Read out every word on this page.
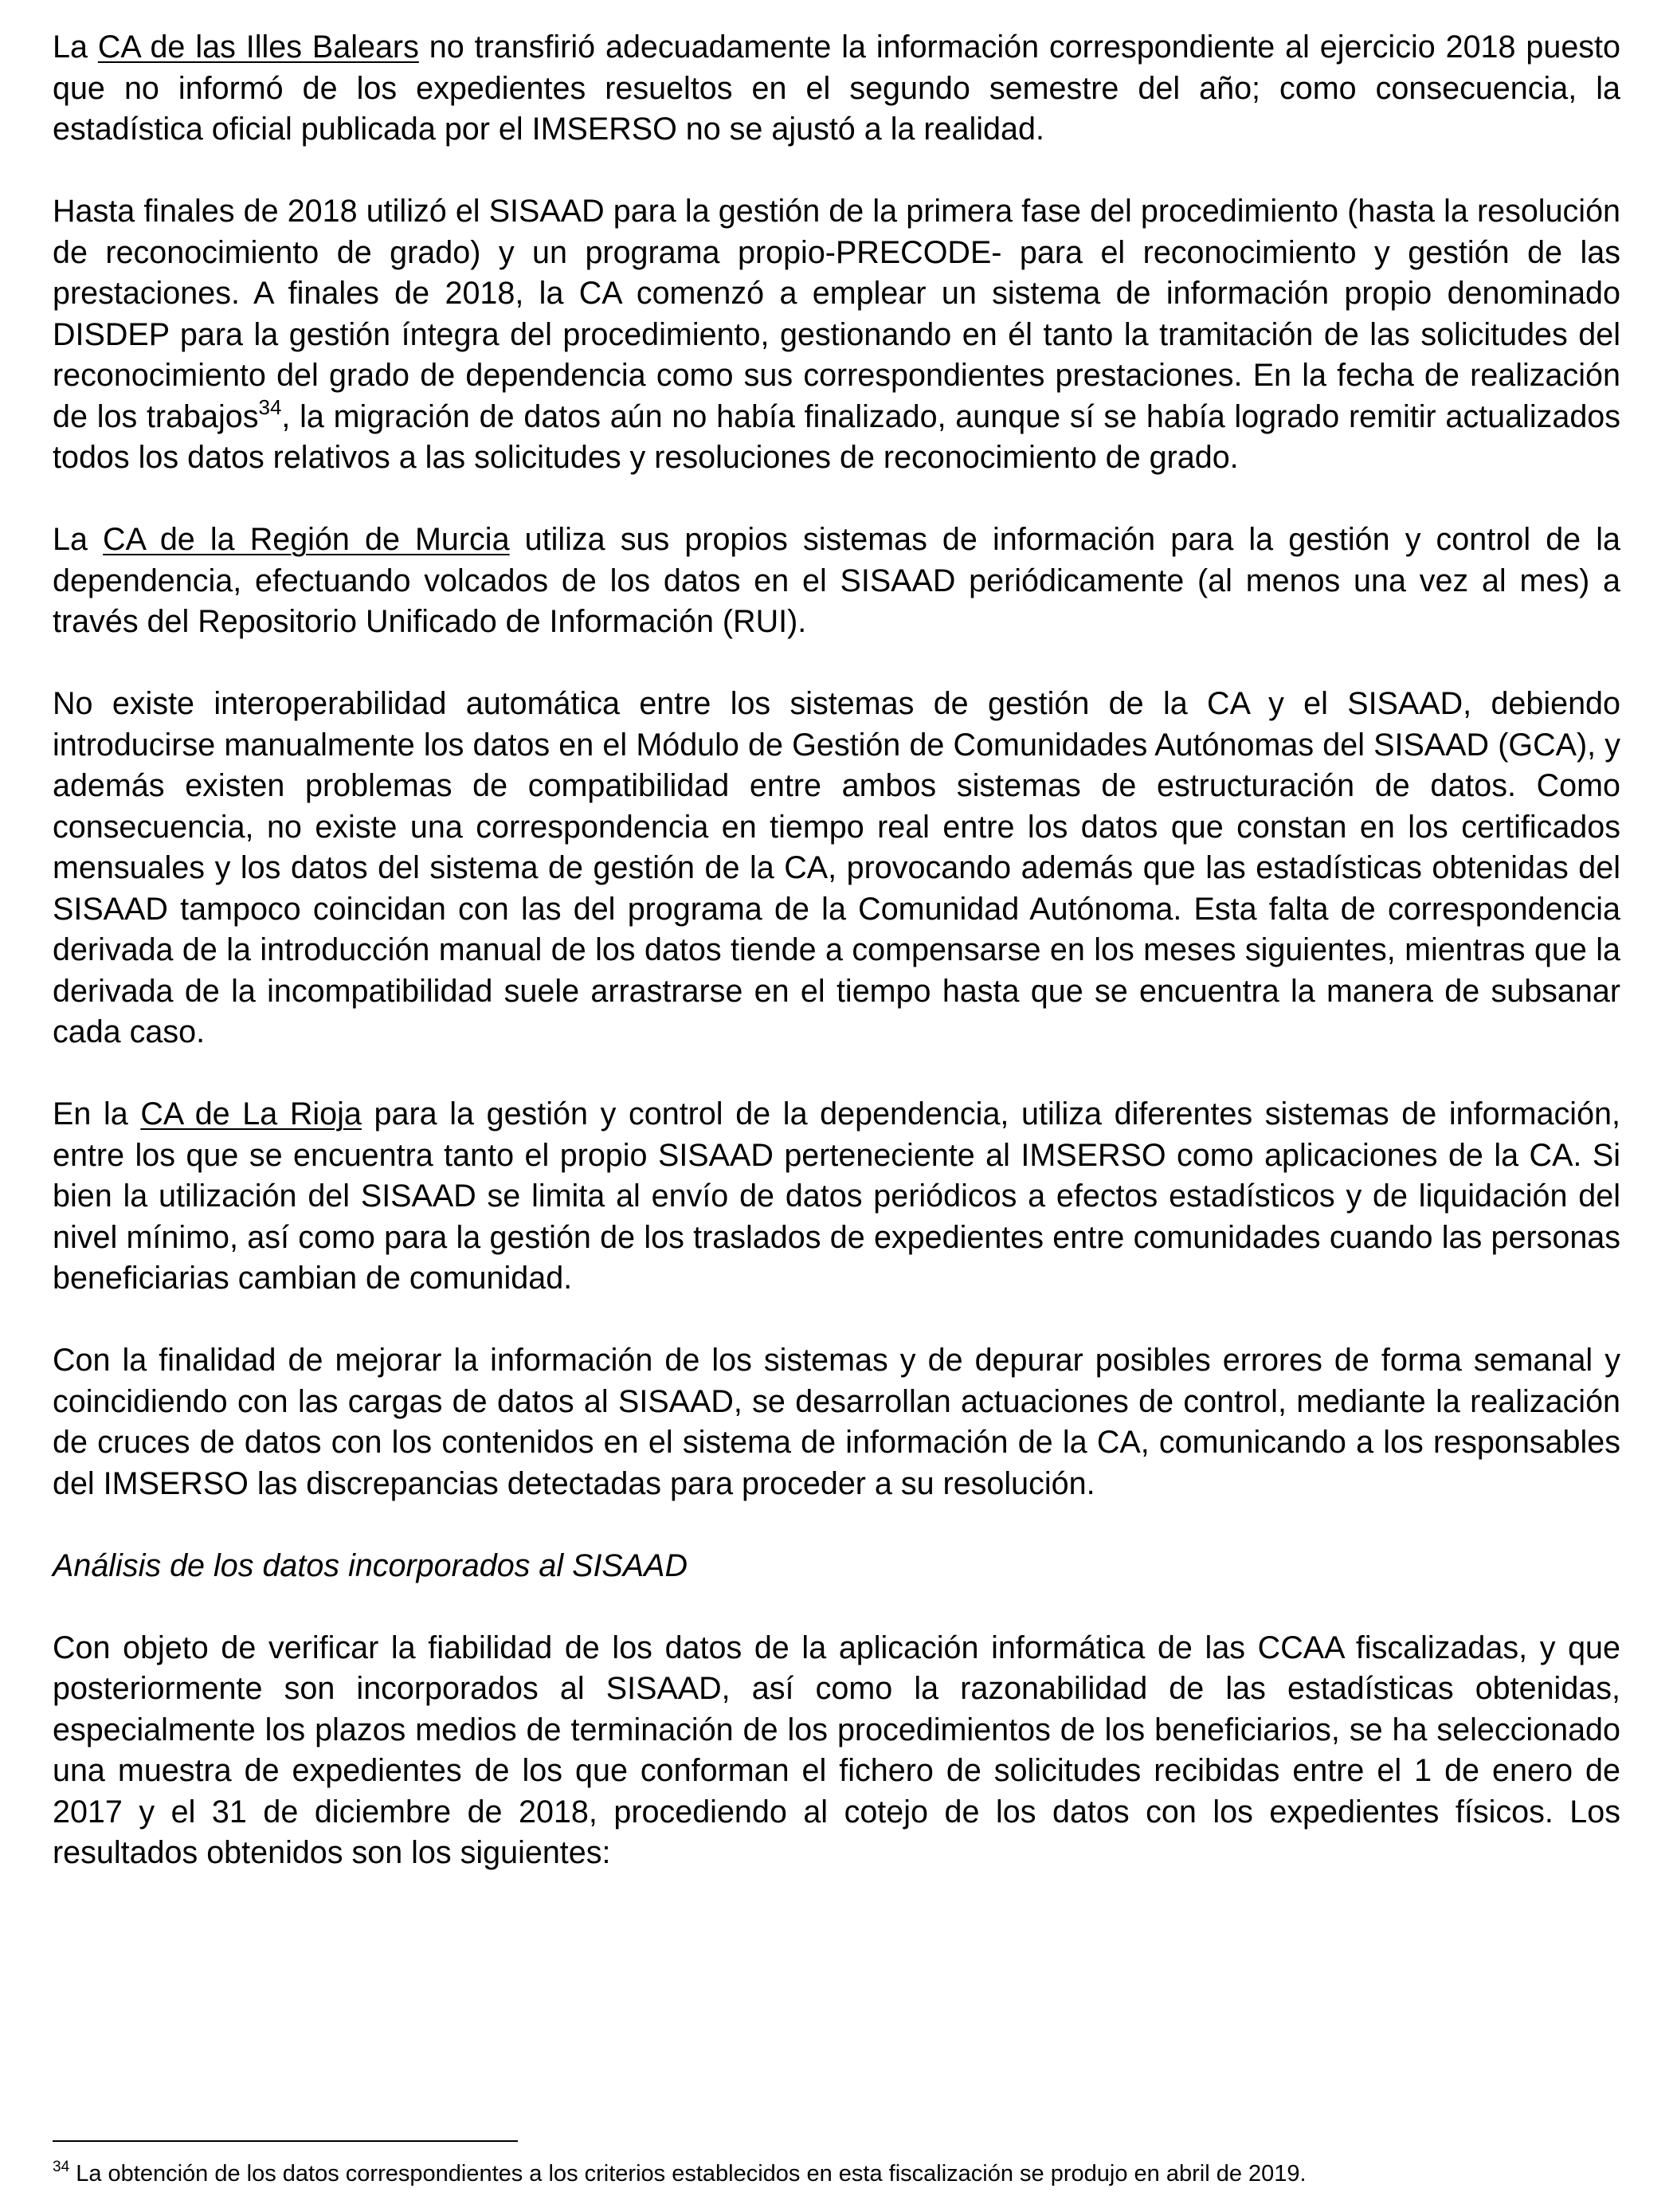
La CA de las Illes Balears no transfirió adecuadamente la información correspondiente al ejercicio 2018 puesto que no informó de los expedientes resueltos en el segundo semestre del año; como consecuencia, la estadística oficial publicada por el IMSERSO no se ajustó a la realidad.

Hasta finales de 2018 utilizó el SISAAD para la gestión de la primera fase del procedimiento (hasta la resolución de reconocimiento de grado) y un programa propio-PRECODE- para el reconocimiento y gestión de las prestaciones. A finales de 2018, la CA comenzó a emplear un sistema de información propio denominado DISDEP para la gestión íntegra del procedimiento, gestionando en él tanto la tramitación de las solicitudes del reconocimiento del grado de dependencia como sus correspondientes prestaciones. En la fecha de realización de los trabajos$^{34}$, la migración de datos aún no había finalizado, aunque sí se había logrado remitir actualizados todos los datos relativos a las solicitudes y resoluciones de reconocimiento de grado.

La CA de la Región de Murcia utiliza sus propios sistemas de información para la gestión y control de la dependencia, efectuando volcados de los datos en el SISAAD periódicamente (al menos una vez al mes) a través del Repositorio Unificado de Información (RUI).

No existe interoperabilidad automática entre los sistemas de gestión de la CA y el SISAAD, debiendo introducirse manualmente los datos en el Módulo de Gestión de Comunidades Autónomas del SISAAD (GCA), y además existen problemas de compatibilidad entre ambos sistemas de estructuración de datos. Como consecuencia, no existe una correspondencia en tiempo real entre los datos que constan en los certificados mensuales y los datos del sistema de gestión de la CA, provocando además que las estadísticas obtenidas del SISAAD tampoco coincidan con las del programa de la Comunidad Autónoma. Esta falta de correspondencia derivada de la introducción manual de los datos tiende a compensarse en los meses siguientes, mientras que la derivada de la incompatibilidad suele arrastrarse en el tiempo hasta que se encuentra la manera de subsanar cada caso.

En la CA de La Rioja para la gestión y control de la dependencia, utiliza diferentes sistemas de información, entre los que se encuentra tanto el propio SISAAD perteneciente al IMSERSO como aplicaciones de la CA. Si bien la utilización del SISAAD se limita al envío de datos periódicos a efectos estadísticos y de liquidación del nivel mínimo, así como para la gestión de los traslados de expedientes entre comunidades cuando las personas beneficiarias cambian de comunidad.

Con la finalidad de mejorar la información de los sistemas y de depurar posibles errores de forma semanal y coincidiendo con las cargas de datos al SISAAD, se desarrollan actuaciones de control, mediante la realización de cruces de datos con los contenidos en el sistema de información de la CA, comunicando a los responsables del IMSERSO las discrepancias detectadas para proceder a su resolución.

Análisis de los datos incorporados al SISAAD

Con objeto de verificar la fiabilidad de los datos de la aplicación informática de las CCAA fiscalizadas, y que posteriormente son incorporados al SISAAD, así como la razonabilidad de las estadísticas obtenidas, especialmente los plazos medios de terminación de los procedimientos de los beneficiarios, se ha seleccionado una muestra de expedientes de los que conforman el fichero de solicitudes recibidas entre el 1 de enero de 2017 y el 31 de diciembre de 2018, procediendo al cotejo de los datos con los expedientes físicos. Los resultados obtenidos son los siguientes:

$^{34}$ La obtención de los datos correspondientes a los criterios establecidos en esta fiscalización se produjo en abril de 2019.
